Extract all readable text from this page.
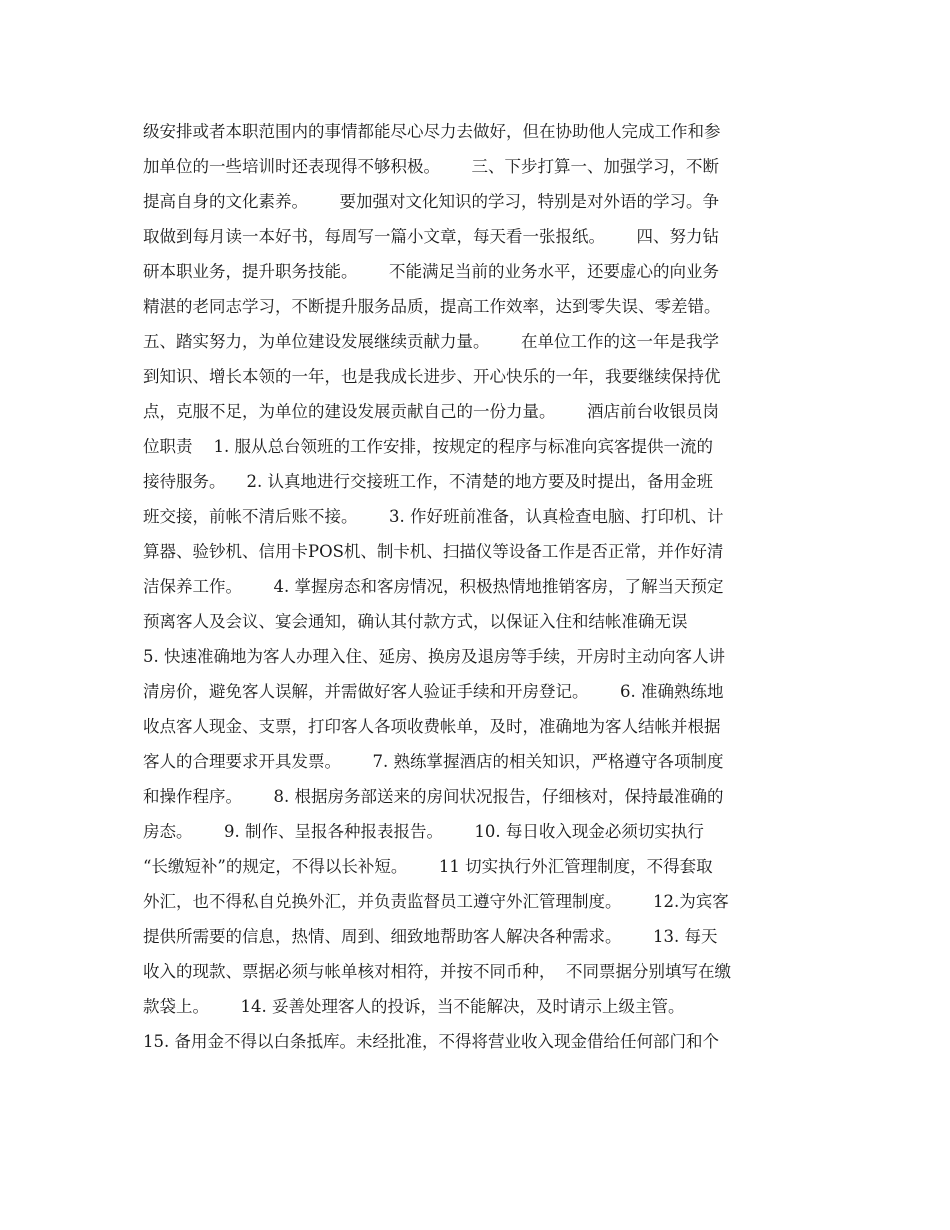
级安排或者本职范围内的事情都能尽心尽力去做好，但在协助他人完成工作和参
加单位的一些培训时还表现得不够积极。      三、下步打算一、加强学习，不断
提高自身的文化素养。      要加强对文化知识的学习，特别是对外语的学习。争
取做到每月读一本好书，每周写一篇小文章，每天看一张报纸。      四、努力钻
研本职业务，提升职务技能。      不能满足当前的业务水平，还要虚心的向业务
精湛的老同志学习，不断提升服务品质，提高工作效率，达到零失误、零差错。
五、踏实努力，为单位建设发展继续贡献力量。      在单位工作的这一年是我学
到知识、增长本领的一年，也是我成长进步、开心快乐的一年，我要继续保持优
点，克服不足，为单位的建设发展贡献自己的一份力量。      酒店前台收银员岗
位职责    1. 服从总台领班的工作安排，按规定的程序与标准向宾客提供一流的
接待服务。    2. 认真地进行交接班工作，不清楚的地方要及时提出，备用金班
班交接，前帐不清后账不接。      3. 作好班前准备，认真检查电脑、打印机、计
算器、验钞机、信用卡POS机、制卡机、扫描仪等设备工作是否正常，并作好清
洁保养工作。      4. 掌握房态和客房情况，积极热情地推销客房，了解当天预定
预离客人及会议、宴会通知，确认其付款方式，以保证入住和结帐准确无误
5. 快速准确地为客人办理入住、延房、换房及退房等手续，开房时主动向客人讲
清房价，避免客人误解，并需做好客人验证手续和开房登记。      6. 准确熟练地
收点客人现金、支票，打印客人各项收费帐单，及时，准确地为客人结帐并根据
客人的合理要求开具发票。      7. 熟练掌握酒店的相关知识，严格遵守各项制度
和操作程序。      8. 根据房务部送来的房间状况报告，仔细核对，保持最准确的
房态。      9. 制作、呈报各种报表报告。      10. 每日收入现金必须切实执行
“长缴短补”的规定，不得以长补短。      11 切实执行外汇管理制度，不得套取
外汇，也不得私自兑换外汇，并负责监督员工遵守外汇管理制度。      12.为宾客
提供所需要的信息，热情、周到、细致地帮助客人解决各种需求。      13. 每天
收入的现款、票据必须与帐单核对相符，并按不同币种，  不同票据分别填写在缴
款袋上。      14. 妥善处理客人的投诉，当不能解决，及时请示上级主管。
15. 备用金不得以白条抵库。未经批准，不得将营业收入现金借给任何部门和个
